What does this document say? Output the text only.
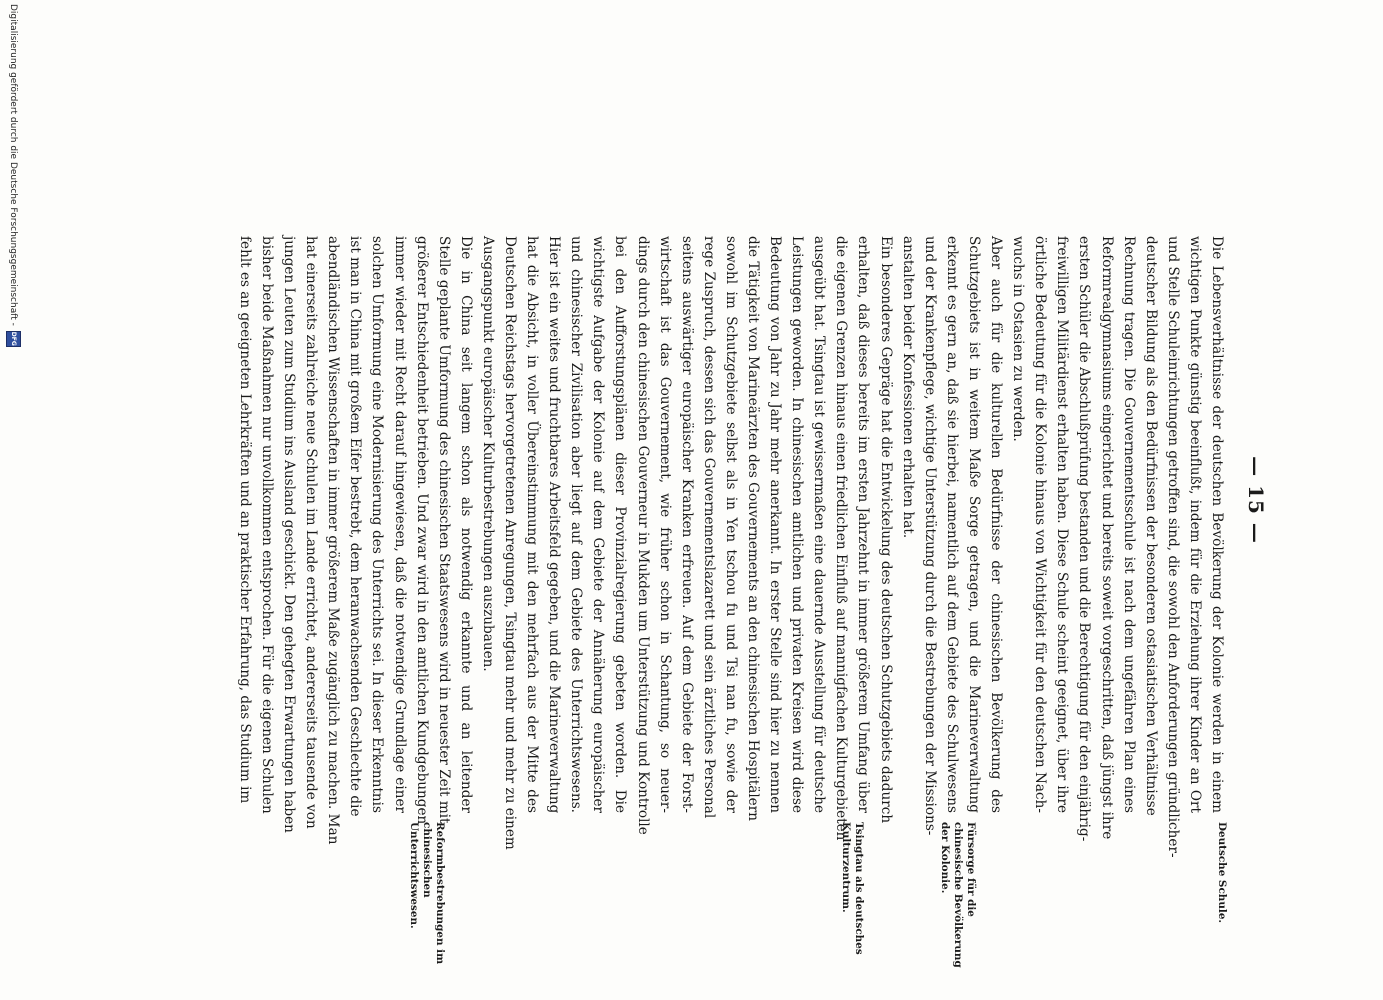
— 15 —

Die Lebensverhältnisse der deutschen Bevölkerung der Kolonie werden in einem
wichtigen Punkte günstig beeinflußt, indem für die Erziehung ihrer Kinder an Ort
und Stelle Schuleinrichtungen getroffen sind, die sowohl den Anforderungen gründlicher-
deutscher Bildung als den Bedürfnissen der besonderen ostasiatischen Verhältnisse
Rechnung tragen. Die Gouvernementsschule ist nach dem ungefähren Plan eines
Reformrealgymnasiums eingerichtet und bereits soweit vorgeschritten, daß jüngst ihre
ersten Schüler die Abschlußprüfung bestanden und die Berechtigung für den einjährig-
freiwilligen Militärdienst erhalten haben. Diese Schule scheint geeignet, über ihre
örtliche Bedeutung für die Kolonie hinaus von Wichtigkeit für den deutschen Nach-
wuchs in Ostasien zu werden.

Aber auch für die kulturellen Bedürfnisse der chinesischen Bevölkerung des
Schutzgebiets ist in weitem Maße Sorge getragen, und die Marineverwaltung
erkennt es gern an, daß sie hierbei, namentlich auf dem Gebiete des Schulwesens
und der Krankenpflege, wichtige Unterstützung durch die Bestrebungen der Missions-
anstalten beider Konfessionen erhalten hat.

Ein besonderes Gepräge hat die Entwickelung des deutschen Schutzgebiets dadurch
erhalten, daß dieses bereits im ersten Jahrzehnt in immer größerem Umfang über
die eigenen Grenzen hinaus einen friedlichen Einfluß auf mannigfachen Kulturgebieten
ausgeübt hat. Tsingtau ist gewissermaßen eine dauernde Ausstellung für deutsche
Leistungen geworden. In chinesischen amtlichen und privaten Kreisen wird diese
Bedeutung von Jahr zu Jahr mehr anerkannt. In erster Stelle sind hier zu nennen
die Tätigkeit von Marineärzten des Gouvernements an den chinesischen Hospitälern
sowohl im Schutzgebiete selbst als in Yen tschou fu und Tsi nan fu, sowie der
rege Zuspruch, dessen sich das Gouvernementslazarett und sein ärztliches Personal
seitens auswärtiger europäischer Kranken erfreuen. Auf dem Gebiete der Forst-
wirtschaft ist das Gouvernement, wie früher schon in Schantung, so neuer-
dings durch den chinesischen Gouverneur in Mukden um Unterstützung und Kontrolle
bei den Aufforstungsplänen dieser Provinzialregierung gebeten worden. Die
wichtigste Aufgabe der Kolonie auf dem Gebiete der Annäherung europäischer
und chinesischer Zivilisation aber liegt auf dem Gebiete des Unterrichtswesens.
Hier ist ein weites und fruchtbares Arbeitsfeld gegeben, und die Marineverwaltung
hat die Absicht, in voller Übereinstimmung mit den mehrfach aus der Mitte des
Deutschen Reichstags hervorgetretenen Anregungen, Tsingtau mehr und mehr zu einem
Ausgangspunkt europäischer Kulturbestrebungen auszubauen.

Die in China seit langem schon als notwendig erkannte und an leitender
Stelle geplante Umformung des chinesischen Staatswesens wird in neuester Zeit mit
größerer Entschiedenheit betrieben. Und zwar wird in den amtlichen Kundgebungen
immer wieder mit Recht darauf hingewiesen, daß die notwendige Grundlage einer
solchen Umformung eine Modernisierung des Unterrichts sei. In dieser Erkenntnis
ist man in China mit großem Eifer bestrebt, dem heranwachsenden Geschlechte die
abendländischen Wissenschaften in immer größerem Maße zugänglich zu machen. Man
hat einerseits zahlreiche neue Schulen im Lande errichtet, andererseits tausende von
jungen Leuten zum Studium ins Ausland geschickt. Den gehegten Erwartungen haben
bisher beide Maßnahmen nur unvollkommen entsprochen. Für die eigenen Schulen
fehlt es an geeigneten Lehrkräften und an praktischer Erfahrung, das Studium im

Deutsche Schule.
Fürsorge für die chinesische Bevölkerung der Kolonie.
Tsingtau als deutsches Kulturzentrum.
Reformbestrebungen im chinesischen Unterrichtswesen.
Digitalisierung gefördert durch die Deutsche Forschungsgemeinschaft - DFG
